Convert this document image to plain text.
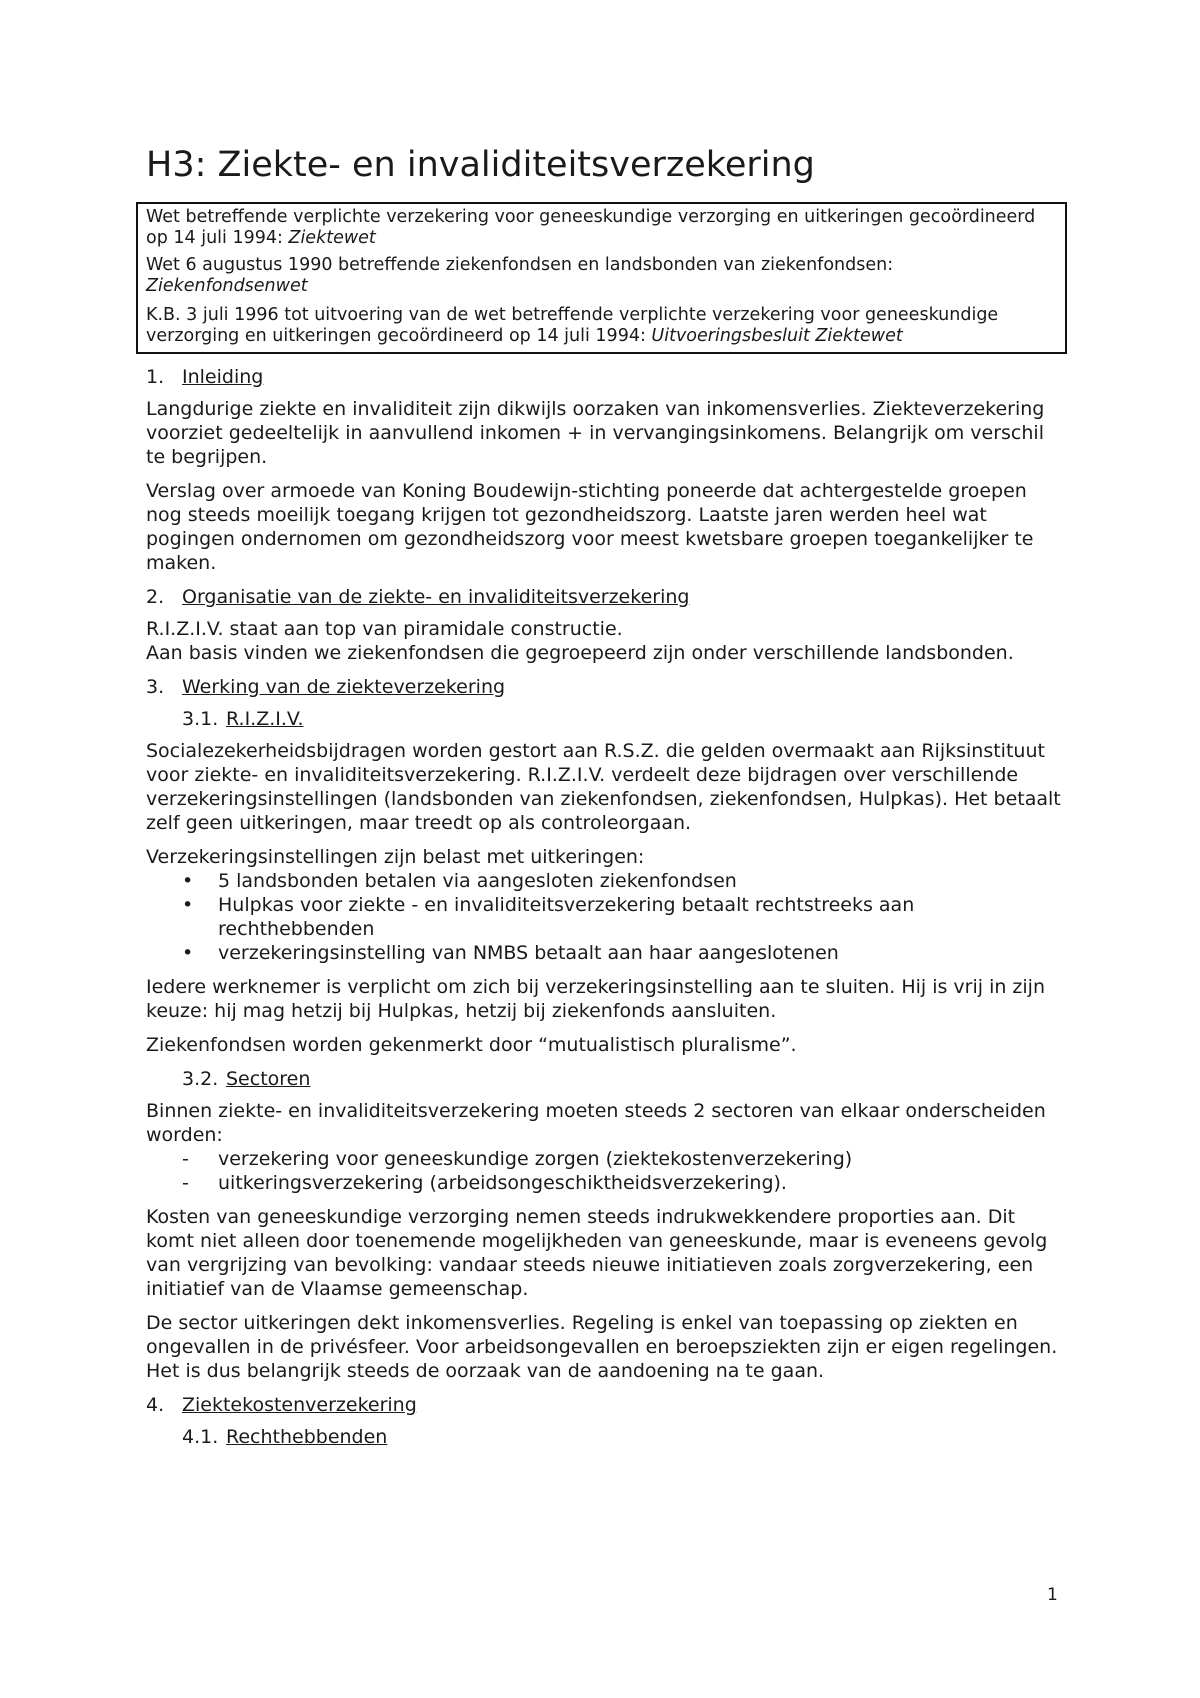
H3: Ziekte- en invaliditeitsverzekering

Wet betreffende verplichte verzekering voor geneeskundige verzorging en uitkeringen gecoördineerd op 14 juli 1994: Ziektewet

Wet 6 augustus 1990 betreffende ziekenfondsen en landsbonden van ziekenfondsen: Ziekenfondsenwet

K.B. 3 juli 1996 tot uitvoering van de wet betreffende verplichte verzekering voor geneeskundige verzorging en uitkeringen gecoördineerd op 14 juli 1994: Uitvoeringsbesluit Ziektewet

1. Inleiding

Langdurige ziekte en invaliditeit zijn dikwijls oorzaken van inkomensverlies. Ziekteverzekering voorziet gedeeltelijk in aanvullend inkomen + in vervangingsinkomens. Belangrijk om verschil te begrijpen.

Verslag over armoede van Koning Boudewijn-stichting poneerde dat achtergestelde groepen nog steeds moeilijk toegang krijgen tot gezondheidszorg. Laatste jaren werden heel wat pogingen ondernomen om gezondheidszorg voor meest kwetsbare groepen toegankelijker te maken.

2. Organisatie van de ziekte- en invaliditeitsverzekering

R.I.Z.I.V. staat aan top van piramidale constructie.

Aan basis vinden we ziekenfondsen die gegroepeerd zijn onder verschillende landsbonden.

3. Werking van de ziekteverzekering
3.1. R.I.Z.I.V.

Socialezekerheidsbijdragen worden gestort aan R.S.Z. die gelden overmaakt aan Rijksinstituut voor ziekte- en invaliditeitsverzekering. R.I.Z.I.V. verdeelt deze bijdragen over verschillende verzekeringsinstellingen (landsbonden van ziekenfondsen, ziekenfondsen, Hulpkas). Het betaalt zelf geen uitkeringen, maar treedt op als controleorgaan.

Verzekeringsinstellingen zijn belast met uitkeringen:

•	5 landsbonden betalen via aangesloten ziekenfondsen
•	Hulpkas voor ziekte - en invaliditeitsverzekering betaalt rechtstreeks aan rechthebbenden
•	verzekeringsinstelling van NMBS betaalt aan haar aangeslotenen

Iedere werknemer is verplicht om zich bij verzekeringsinstelling aan te sluiten. Hij is vrij in zijn keuze: hij mag hetzij bij Hulpkas, hetzij bij ziekenfonds aansluiten.

Ziekenfondsen worden gekenmerkt door “mutualistisch pluralisme”.

3.2. Sectoren

Binnen ziekte- en invaliditeitsverzekering moeten steeds 2 sectoren van elkaar onderscheiden worden:

-	verzekering voor geneeskundige zorgen (ziektekostenverzekering)
-	uitkeringsverzekering (arbeidsongeschiktheidsverzekering).

Kosten van geneeskundige verzorging nemen steeds indrukwekkendere proporties aan. Dit komt niet alleen door toenemende mogelijkheden van geneeskunde, maar is eveneens gevolg van vergrijzing van bevolking: vandaar steeds nieuwe initiatieven zoals zorgverzekering, een initiatief van de Vlaamse gemeenschap.

De sector uitkeringen dekt inkomensverlies. Regeling is enkel van toepassing op ziekten en ongevallen in de privésfeer. Voor arbeidsongevallen en beroepsziekten zijn er eigen regelingen. Het is dus belangrijk steeds de oorzaak van de aandoening na te gaan.

4. Ziektekostenverzekering
4.1. Rechthebbenden
1
